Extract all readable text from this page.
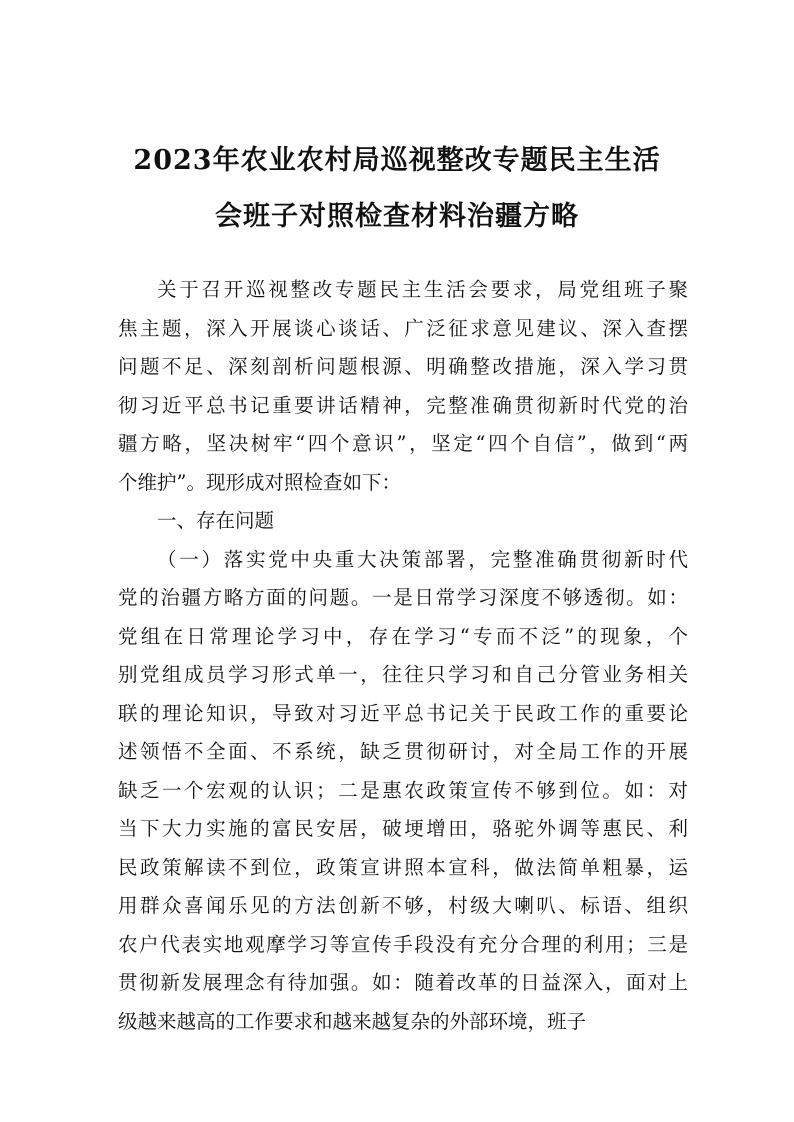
2023年农业农村局巡视整改专题民主生活
会班子对照检查材料治疆方略
关于召开巡视整改专题民主生活会要求，局党组班子聚
焦主题，深入开展谈心谈话、广泛征求意见建议、深入查摆
问题不足、深刻剖析问题根源、明确整改措施，深入学习贯
彻习近平总书记重要讲话精神，完整准确贯彻新时代党的治
疆方略，坚决树牢“四个意识”，坚定“四个自信”，做到“两
个维护”。现形成对照检查如下：
一、存在问题
（一）落实党中央重大决策部署，完整准确贯彻新时代
党的治疆方略方面的问题。一是日常学习深度不够透彻。如：
党组在日常理论学习中，存在学习“专而不泛”的现象，个
别党组成员学习形式单一，往往只学习和自己分管业务相关
联的理论知识，导致对习近平总书记关于民政工作的重要论
述领悟不全面、不系统，缺乏贯彻研讨，对全局工作的开展
缺乏一个宏观的认识；二是惠农政策宣传不够到位。如：对
当下大力实施的富民安居，破埂增田，骆驼外调等惠民、利
民政策解读不到位，政策宣讲照本宣科，做法简单粗暴，运
用群众喜闻乐见的方法创新不够，村级大喇叭、标语、组织
农户代表实地观摩学习等宣传手段没有充分合理的利用；三是
贯彻新发展理念有待加强。如：随着改革的日益深入，面对上
级越来越高的工作要求和越来越复杂的外部环境，班子
